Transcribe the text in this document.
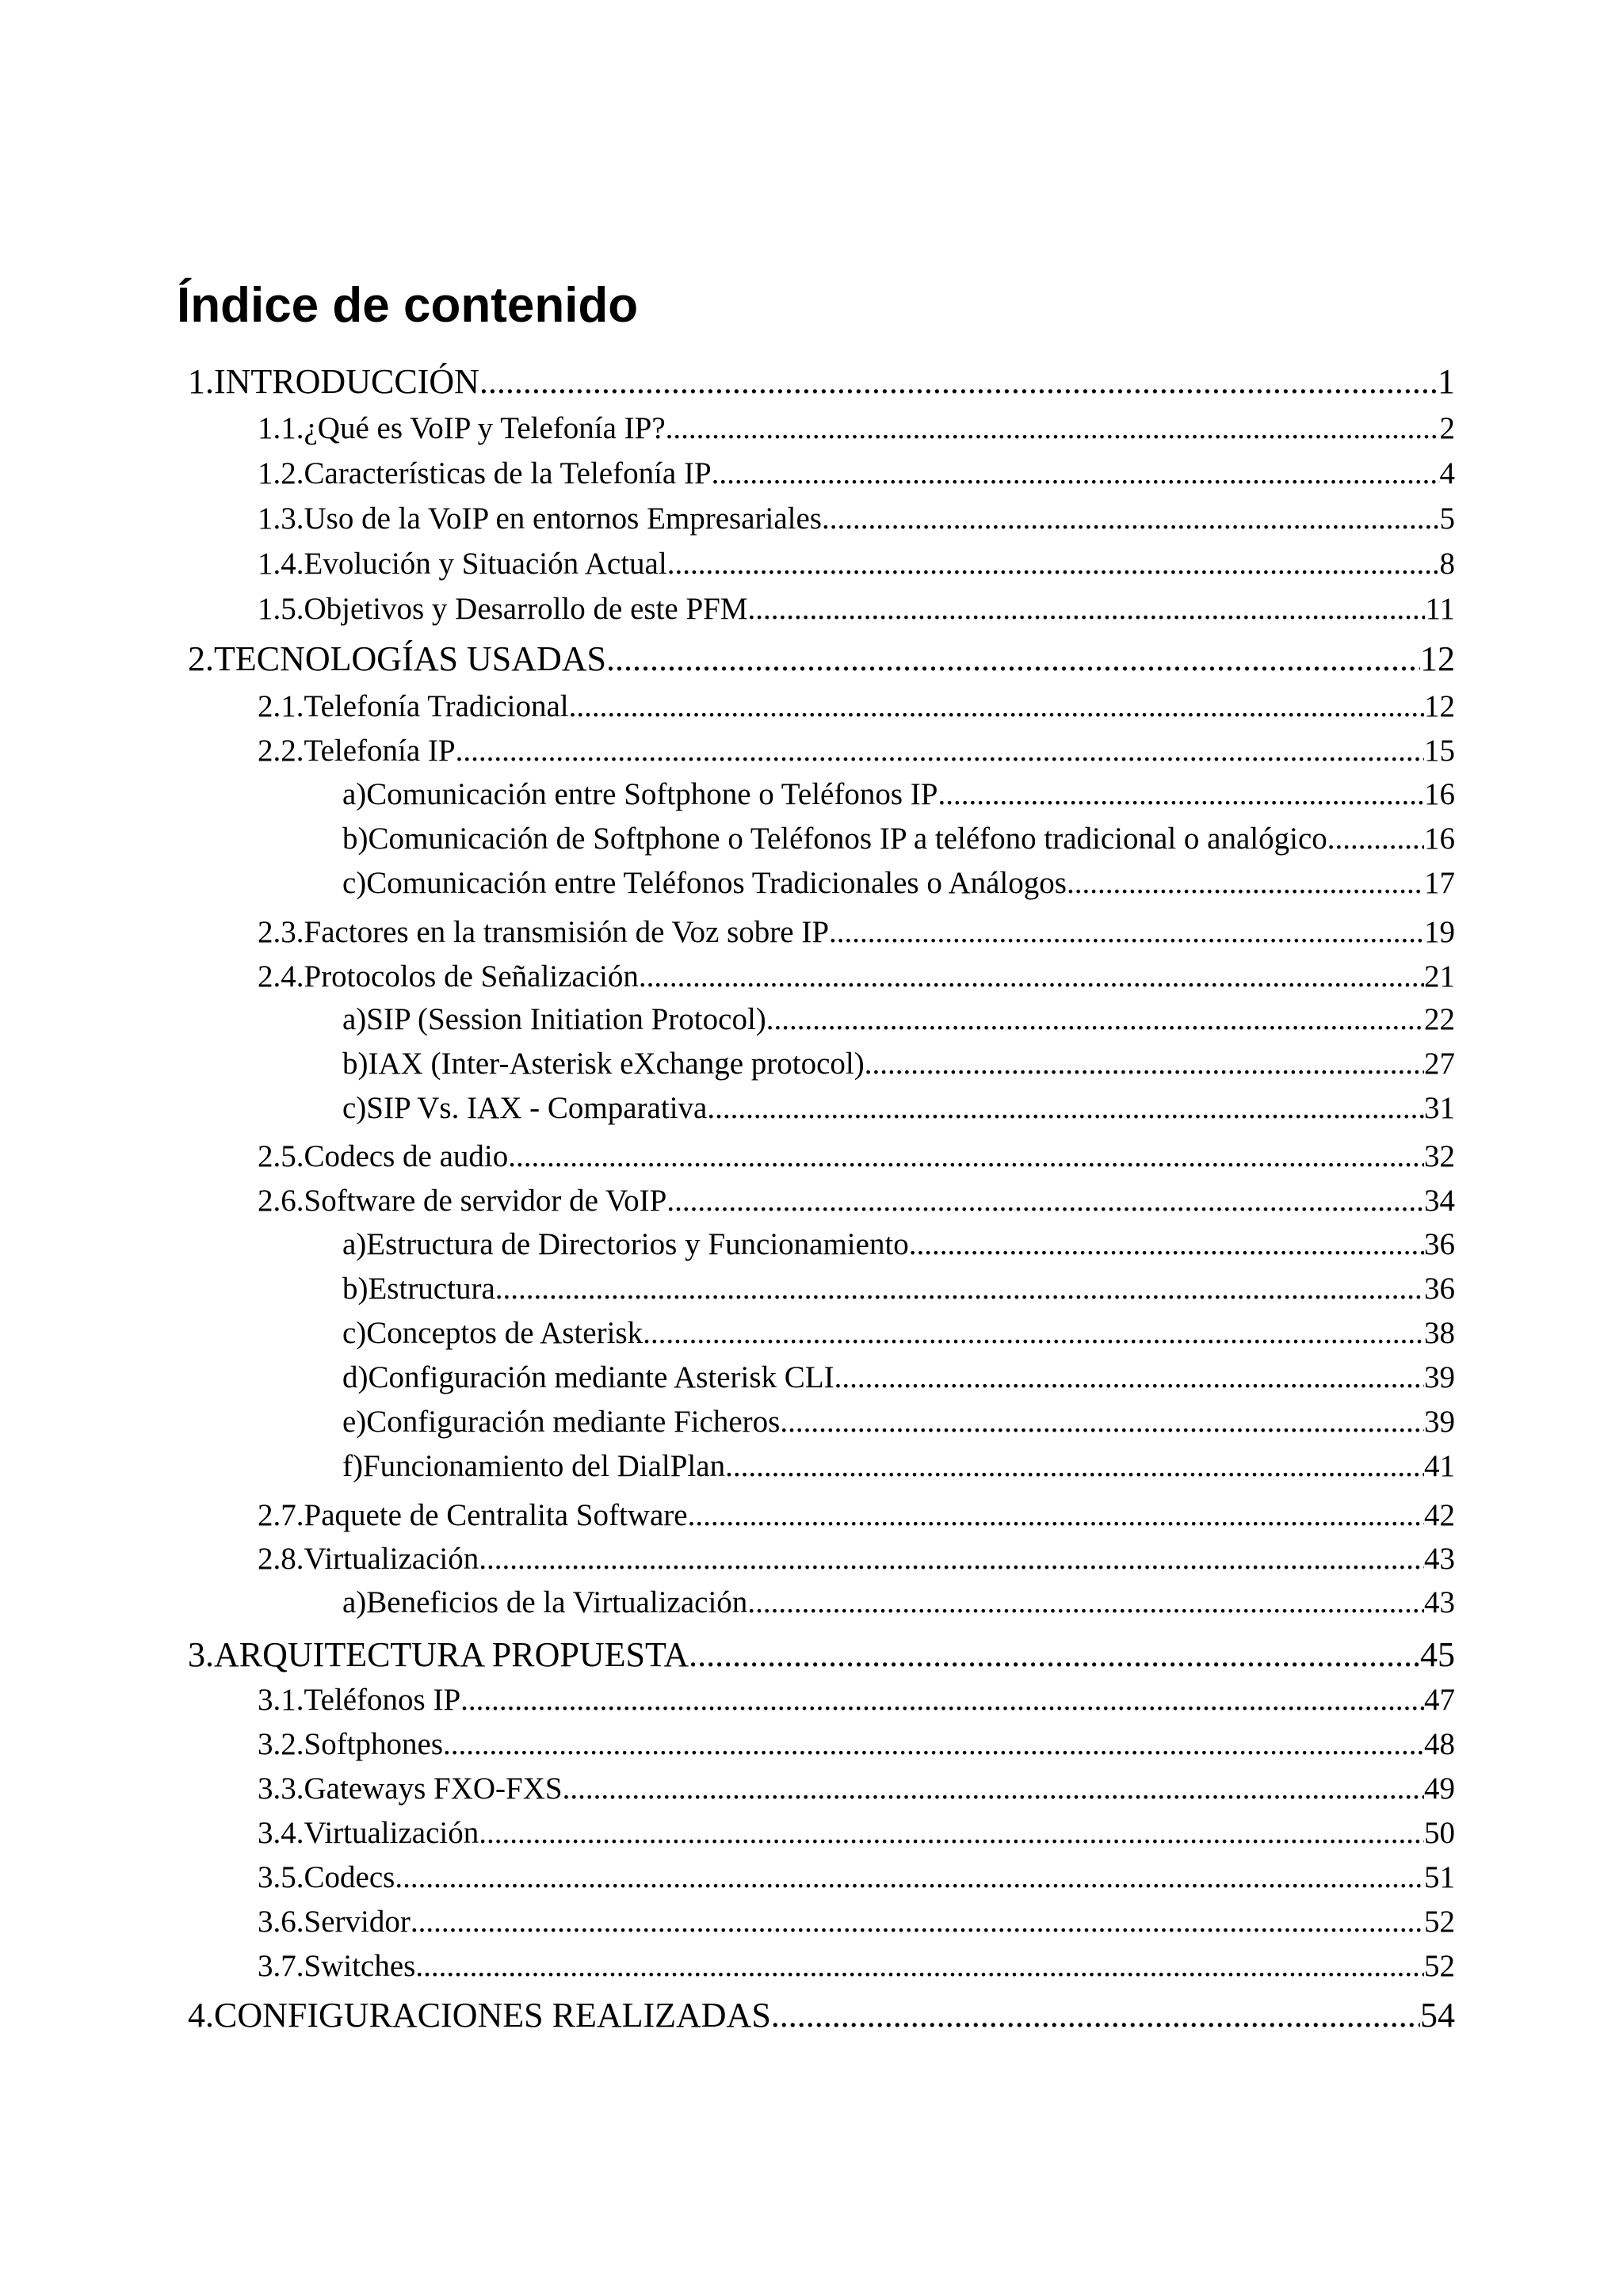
Índice de contenido
1.INTRODUCCIÓN .....	1
1.1.¿Qué es VoIP y Telefonía IP? .....	2
1.2.Características de la Telefonía IP .....	4
1.3.Uso de la VoIP en entornos Empresariales .....	5
1.4.Evolución y Situación Actual .....	8
1.5.Objetivos y Desarrollo de este PFM .....	11
2.TECNOLOGÍAS USADAS .....	12
2.1.Telefonía Tradicional .....	12
2.2.Telefonía IP .....	15
a)Comunicación entre Softphone o Teléfonos IP .....	16
b)Comunicación de Softphone o Teléfonos IP a teléfono tradicional o analógico .....	16
c)Comunicación entre Teléfonos Tradicionales o Análogos .....	17
2.3.Factores en la transmisión de Voz sobre IP .....	19
2.4.Protocolos de Señalización .....	21
a)SIP (Session Initiation Protocol) .....	22
b)IAX (Inter-Asterisk eXchange protocol) .....	27
c)SIP Vs. IAX - Comparativa .....	31
2.5.Codecs de audio .....	32
2.6.Software de servidor de VoIP .....	34
a)Estructura de Directorios y Funcionamiento .....	36
b)Estructura .....	36
c)Conceptos de Asterisk .....	38
d)Configuración mediante Asterisk CLI .....	39
e)Configuración mediante Ficheros .....	39
f)Funcionamiento del DialPlan .....	41
2.7.Paquete de Centralita Software .....	42
2.8.Virtualización .....	43
a)Beneficios de la Virtualización .....	43
3.ARQUITECTURA PROPUESTA .....	45
3.1.Teléfonos IP .....	47
3.2.Softphones .....	48
3.3.Gateways FXO-FXS .....	49
3.4.Virtualización .....	50
3.5.Codecs .....	51
3.6.Servidor .....	52
3.7.Switches .....	52
4.CONFIGURACIONES REALIZADAS .....	54
